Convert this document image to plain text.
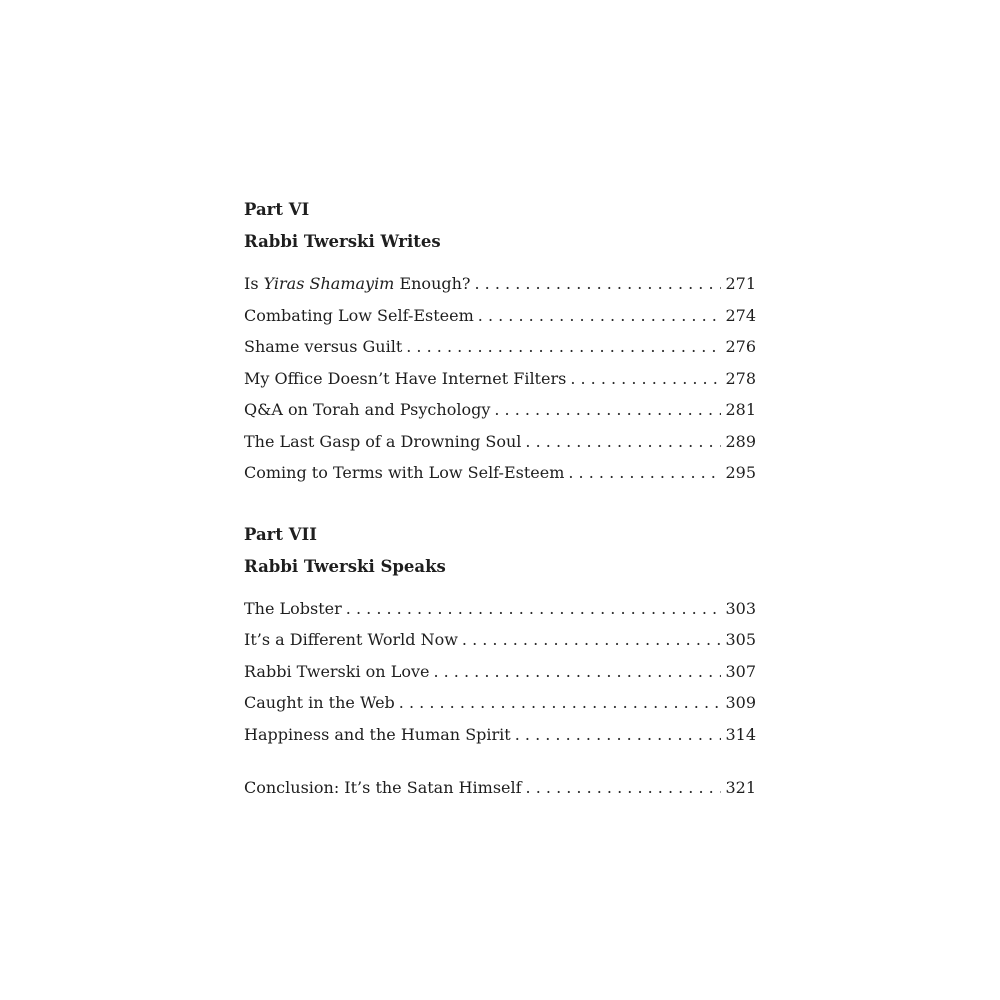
Part VI

Rabbi Twerski Writes

Is Yiras Shamayim Enough? . . .	271
Combating Low Self-Esteem . . .	274
Shame versus Guilt . . .	276
My Office Doesn’t Have Internet Filters . . .	278
Q&A on Torah and Psychology . . .	281
The Last Gasp of a Drowning Soul . . .	289
Coming to Terms with Low Self-Esteem . . .	295

Part VII

Rabbi Twerski Speaks

The Lobster . . .	303
It’s a Different World Now . . .	305
Rabbi Twerski on Love . . .	307
Caught in the Web . . .	309
Happiness and the Human Spirit . . .	314
Conclusion: It’s the Satan Himself . . .	321
